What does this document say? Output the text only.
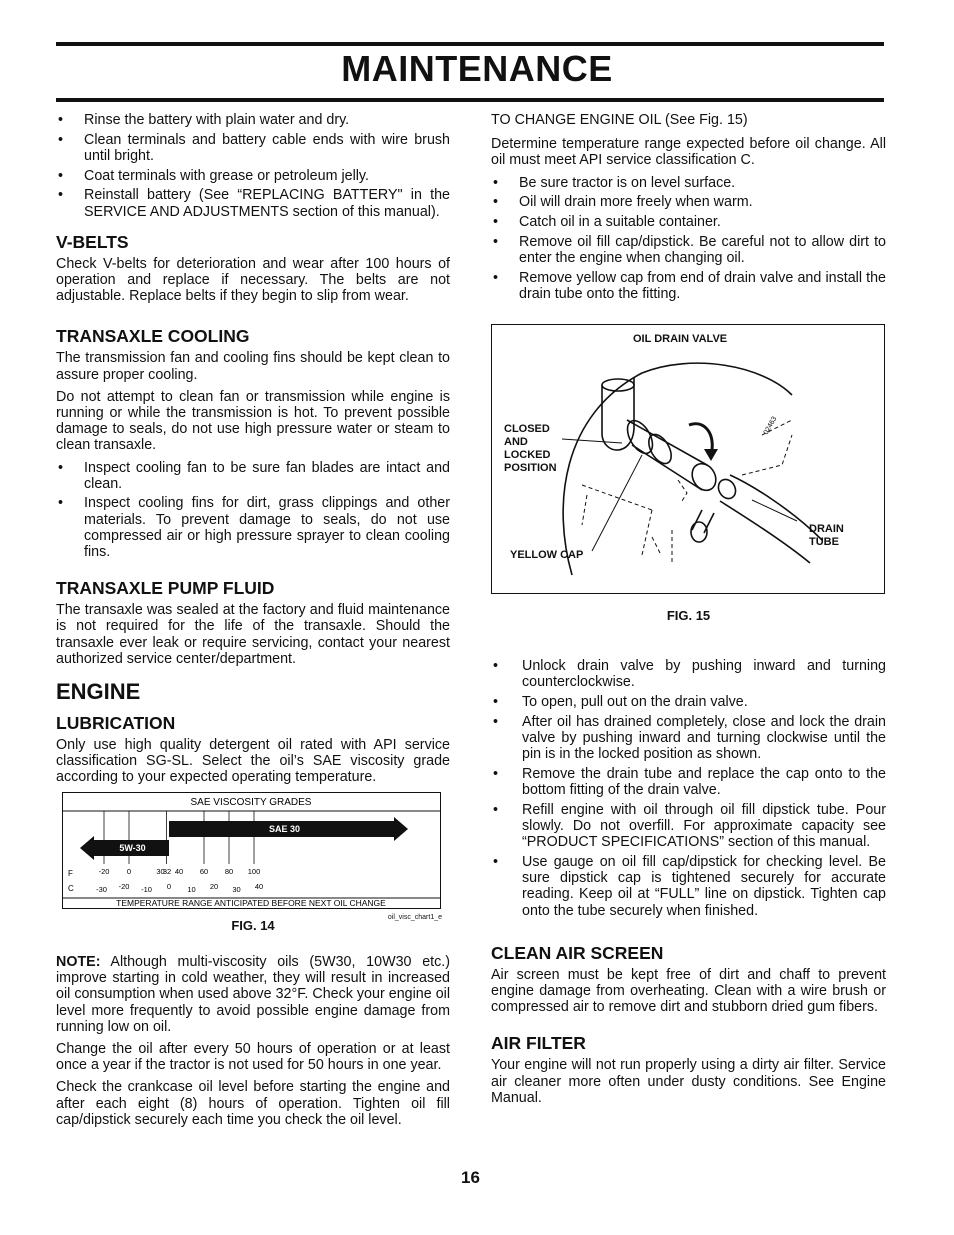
MAINTENANCE
• Rinse the battery with plain water and dry.
• Clean terminals and battery cable ends with wire brush until bright.
• Coat terminals with grease or petroleum jelly.
• Reinstall battery (See “REPLACING BATTERY" in the SERVICE AND ADJUSTMENTS section of this manual).
V-BELTS

Check V-belts for deterioration and wear after 100 hours of operation and replace if necessary. The belts are not adjustable. Replace belts if they begin to slip from wear.

TRANSAXLE COOLING

The transmission fan and cooling fins should be kept clean to assure proper cooling.

Do not attempt to clean fan or transmission while engine is running or while the transmission is hot. To prevent possible damage to seals, do not use high pressure water or steam to clean transaxle.

• Inspect cooling fan to be sure fan blades are intact and clean.
• Inspect cooling fins for dirt, grass clippings and other materials. To prevent damage to seals, do not use compressed air or high pressure sprayer to clean cooling fins.
TRANSAXLE PUMP FLUID

The transaxle was sealed at the factory and fluid maintenance is not required for the life of the transaxle. Should the transaxle ever leak or require servicing, contact your nearest authorized service center/department.

ENGINE
LUBRICATION

Only use high quality detergent oil rated with API service classification SG-SL. Select the oil’s SAE viscosity grade according to your expected operating temperature.

SAE VISCOSITY GRADES
5W-30
SAE 30
F
C
-20 0	30
32 40 60 80 100
-30 -20 -10 0 10 20 30 40
TEMPERATURE RANGE ANTICIPATED BEFORE NEXT OIL CHANGE
oil_visc_chart1_e
FIG. 14

NOTE: Although multi-viscosity oils (5W30, 10W30 etc.) improve starting in cold weather, they will result in increased oil consumption when used above 32°F. Check your engine oil level more frequently to avoid possible engine damage from running low on oil.

Change the oil after every 50 hours of operation or at least once a year if the tractor is not used for 50 hours in one year.

Check the crankcase oil level before starting the engine and after each eight (8) hours of operation. Tighten oil fill cap/dipstick securely each time you check the oil level.

TO CHANGE ENGINE OIL (See Fig. 15)

Determine temperature range expected before oil change. All oil must meet API service classification C.

• Be sure tractor is on level surface.
• Oil will drain more freely when warm.
• Catch oil in a suitable container.
• Remove oil fill cap/dipstick. Be careful not to allow dirt to enter the engine when changing oil.
• Remove yellow cap from end of drain valve and install the drain tube onto the fitting.
02463
OIL DRAIN VALVE
CLOSED AND LOCKED POSITION
YELLOW CAP
DRAIN TUBE
FIG. 15
• Unlock drain valve by pushing inward and turning counterclockwise.
• To open, pull out on the drain valve.
• After oil has drained completely, close and lock the drain valve by pushing inward and turning clockwise until the pin is in the locked position as shown.
• Remove the drain tube and replace the cap onto to the bottom fitting of the drain valve.
• Refill engine with oil through oil fill dipstick tube. Pour slowly. Do not overfill. For approximate capacity see “PRODUCT SPECIFICATIONS” section of this manual.
• Use gauge on oil fill cap/dipstick for checking level. Be sure dipstick cap is tightened securely for accurate reading. Keep oil at “FULL” line on dipstick. Tighten cap onto the tube securely when finished.
CLEAN AIR SCREEN

Air screen must be kept free of dirt and chaff to prevent engine damage from overheating. Clean with a wire brush or compressed air to remove dirt and stubborn dried gum fibers.

AIR FILTER

Your engine will not run properly using a dirty air filter. Service air cleaner more often under dusty conditions. See Engine Manual.

16
